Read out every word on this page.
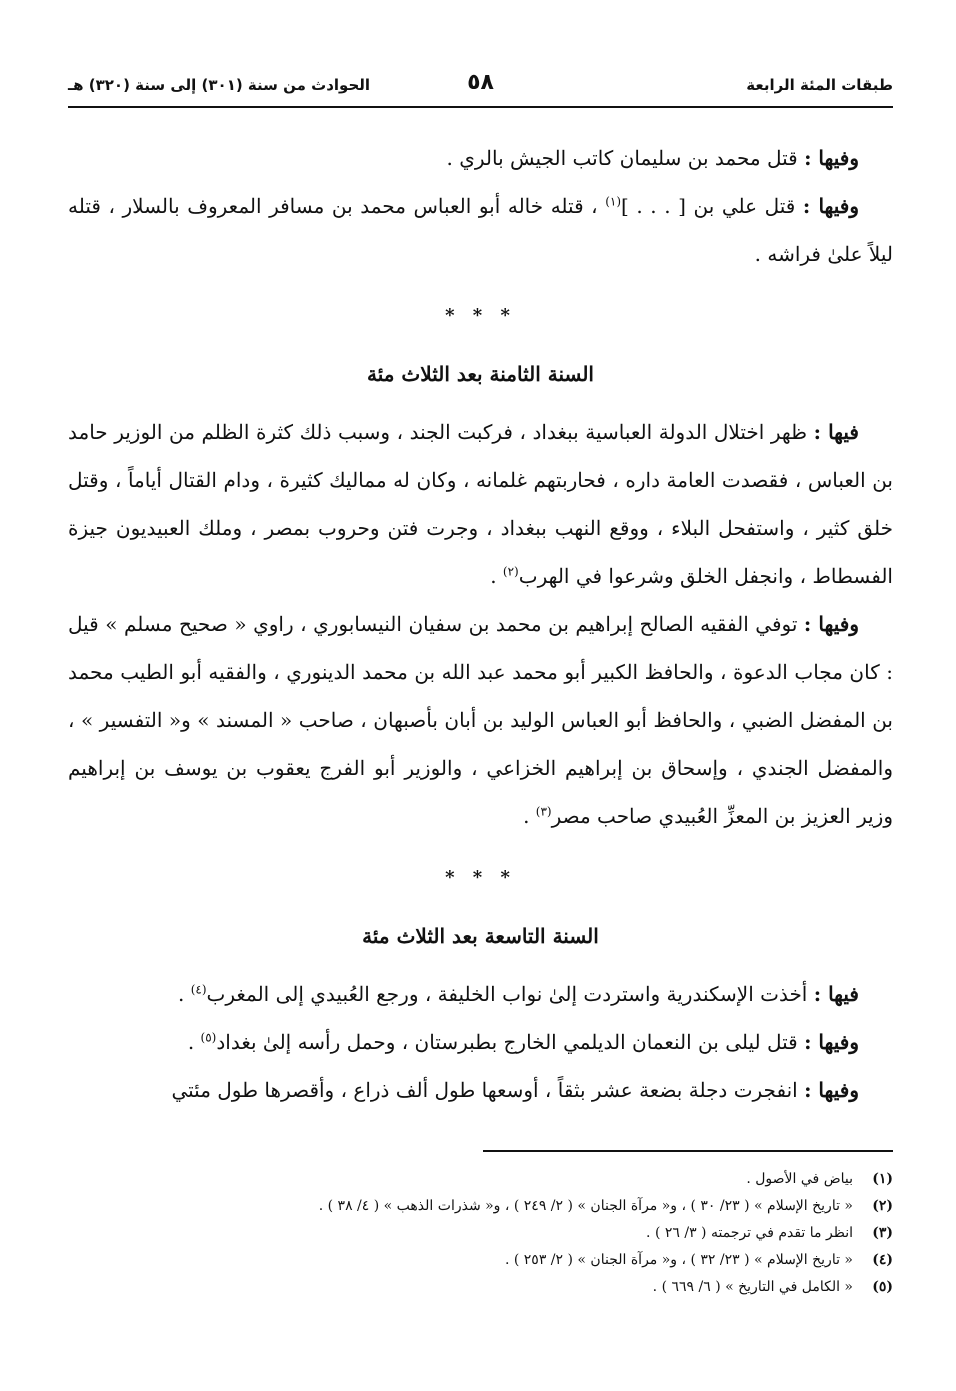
طبقات المئة الرابعة
٥٨
الحوادث من سنة (٣٠١) إلى سنة (٣٢٠) هـ

وفيها : قتل محمد بن سليمان كاتب الجيش بالري .

وفيها : قتل علي بن [ . . . ]$^{(١)}$ ، قتله خاله أبو العباس محمد بن مسافر المعروف بالسلار ، قتله ليلاً علىٰ فراشه .

* * *
السنة الثامنة بعد الثلاث مئة

فيها : ظهر اختلال الدولة العباسية ببغداد ، فركبت الجند ، وسبب ذلك كثرة الظلم من الوزير حامد بن العباس ، فقصدت العامة داره ، فحاربتهم غلمانه ، وكان له مماليك كثيرة ، ودام القتال أياماً ، وقتل خلق كثير ، واستفحل البلاء ، ووقع النهب ببغداد ، وجرت فتن وحروب بمصر ، وملك العبيديون جيزة الفسطاط ، وانجفل الخلق وشرعوا في الهرب$^{(٢)}$ .

وفيها : توفي الفقيه الصالح إبراهيم بن محمد بن سفيان النيسابوري ، راوي « صحيح مسلم » قيل : كان مجاب الدعوة ، والحافظ الكبير أبو محمد عبد الله بن محمد الدينوري ، والفقيه أبو الطيب محمد بن المفضل الضبي ، والحافظ أبو العباس الوليد بن أبان بأصبهان ، صاحب « المسند » و« التفسير » ، والمفضل الجندي ، وإسحاق بن إبراهيم الخزاعي ، والوزير أبو الفرج يعقوب بن يوسف بن إبراهيم وزير العزيز بن المعزِّ العُبيدي صاحب مصر$^{(٣)}$ .

* * *
السنة التاسعة بعد الثلاث مئة

فيها : أخذت الإسكندرية واستردت إلىٰ نواب الخليفة ، ورجع العُبيدي إلى المغرب$^{(٤)}$ .

وفيها : قتل ليلى بن النعمان الديلمي الخارج بطبرستان ، وحمل رأسه إلىٰ بغداد$^{(٥)}$ .

وفيها : انفجرت دجلة بضعة عشر بثقاً ، أوسعها طول ألف ذراع ، وأقصرها طول مئتي

(١)
بياض في الأصول .
(٢)
« تاريخ الإسلام » ( ٢٣/ ٣٠ ) ، و« مرآة الجنان » ( ٢/ ٢٤٩ ) ، و« شذرات الذهب » ( ٤/ ٣٨ ) .
(٣)
انظر ما تقدم في ترجمته ( ٣/ ٢٦ ) .
(٤)
« تاريخ الإسلام » ( ٢٣/ ٣٢ ) ، و« مرآة الجنان » ( ٢/ ٢٥٣ ) .
(٥)
« الكامل في التاريخ » ( ٦/ ٦٦٩ ) .
